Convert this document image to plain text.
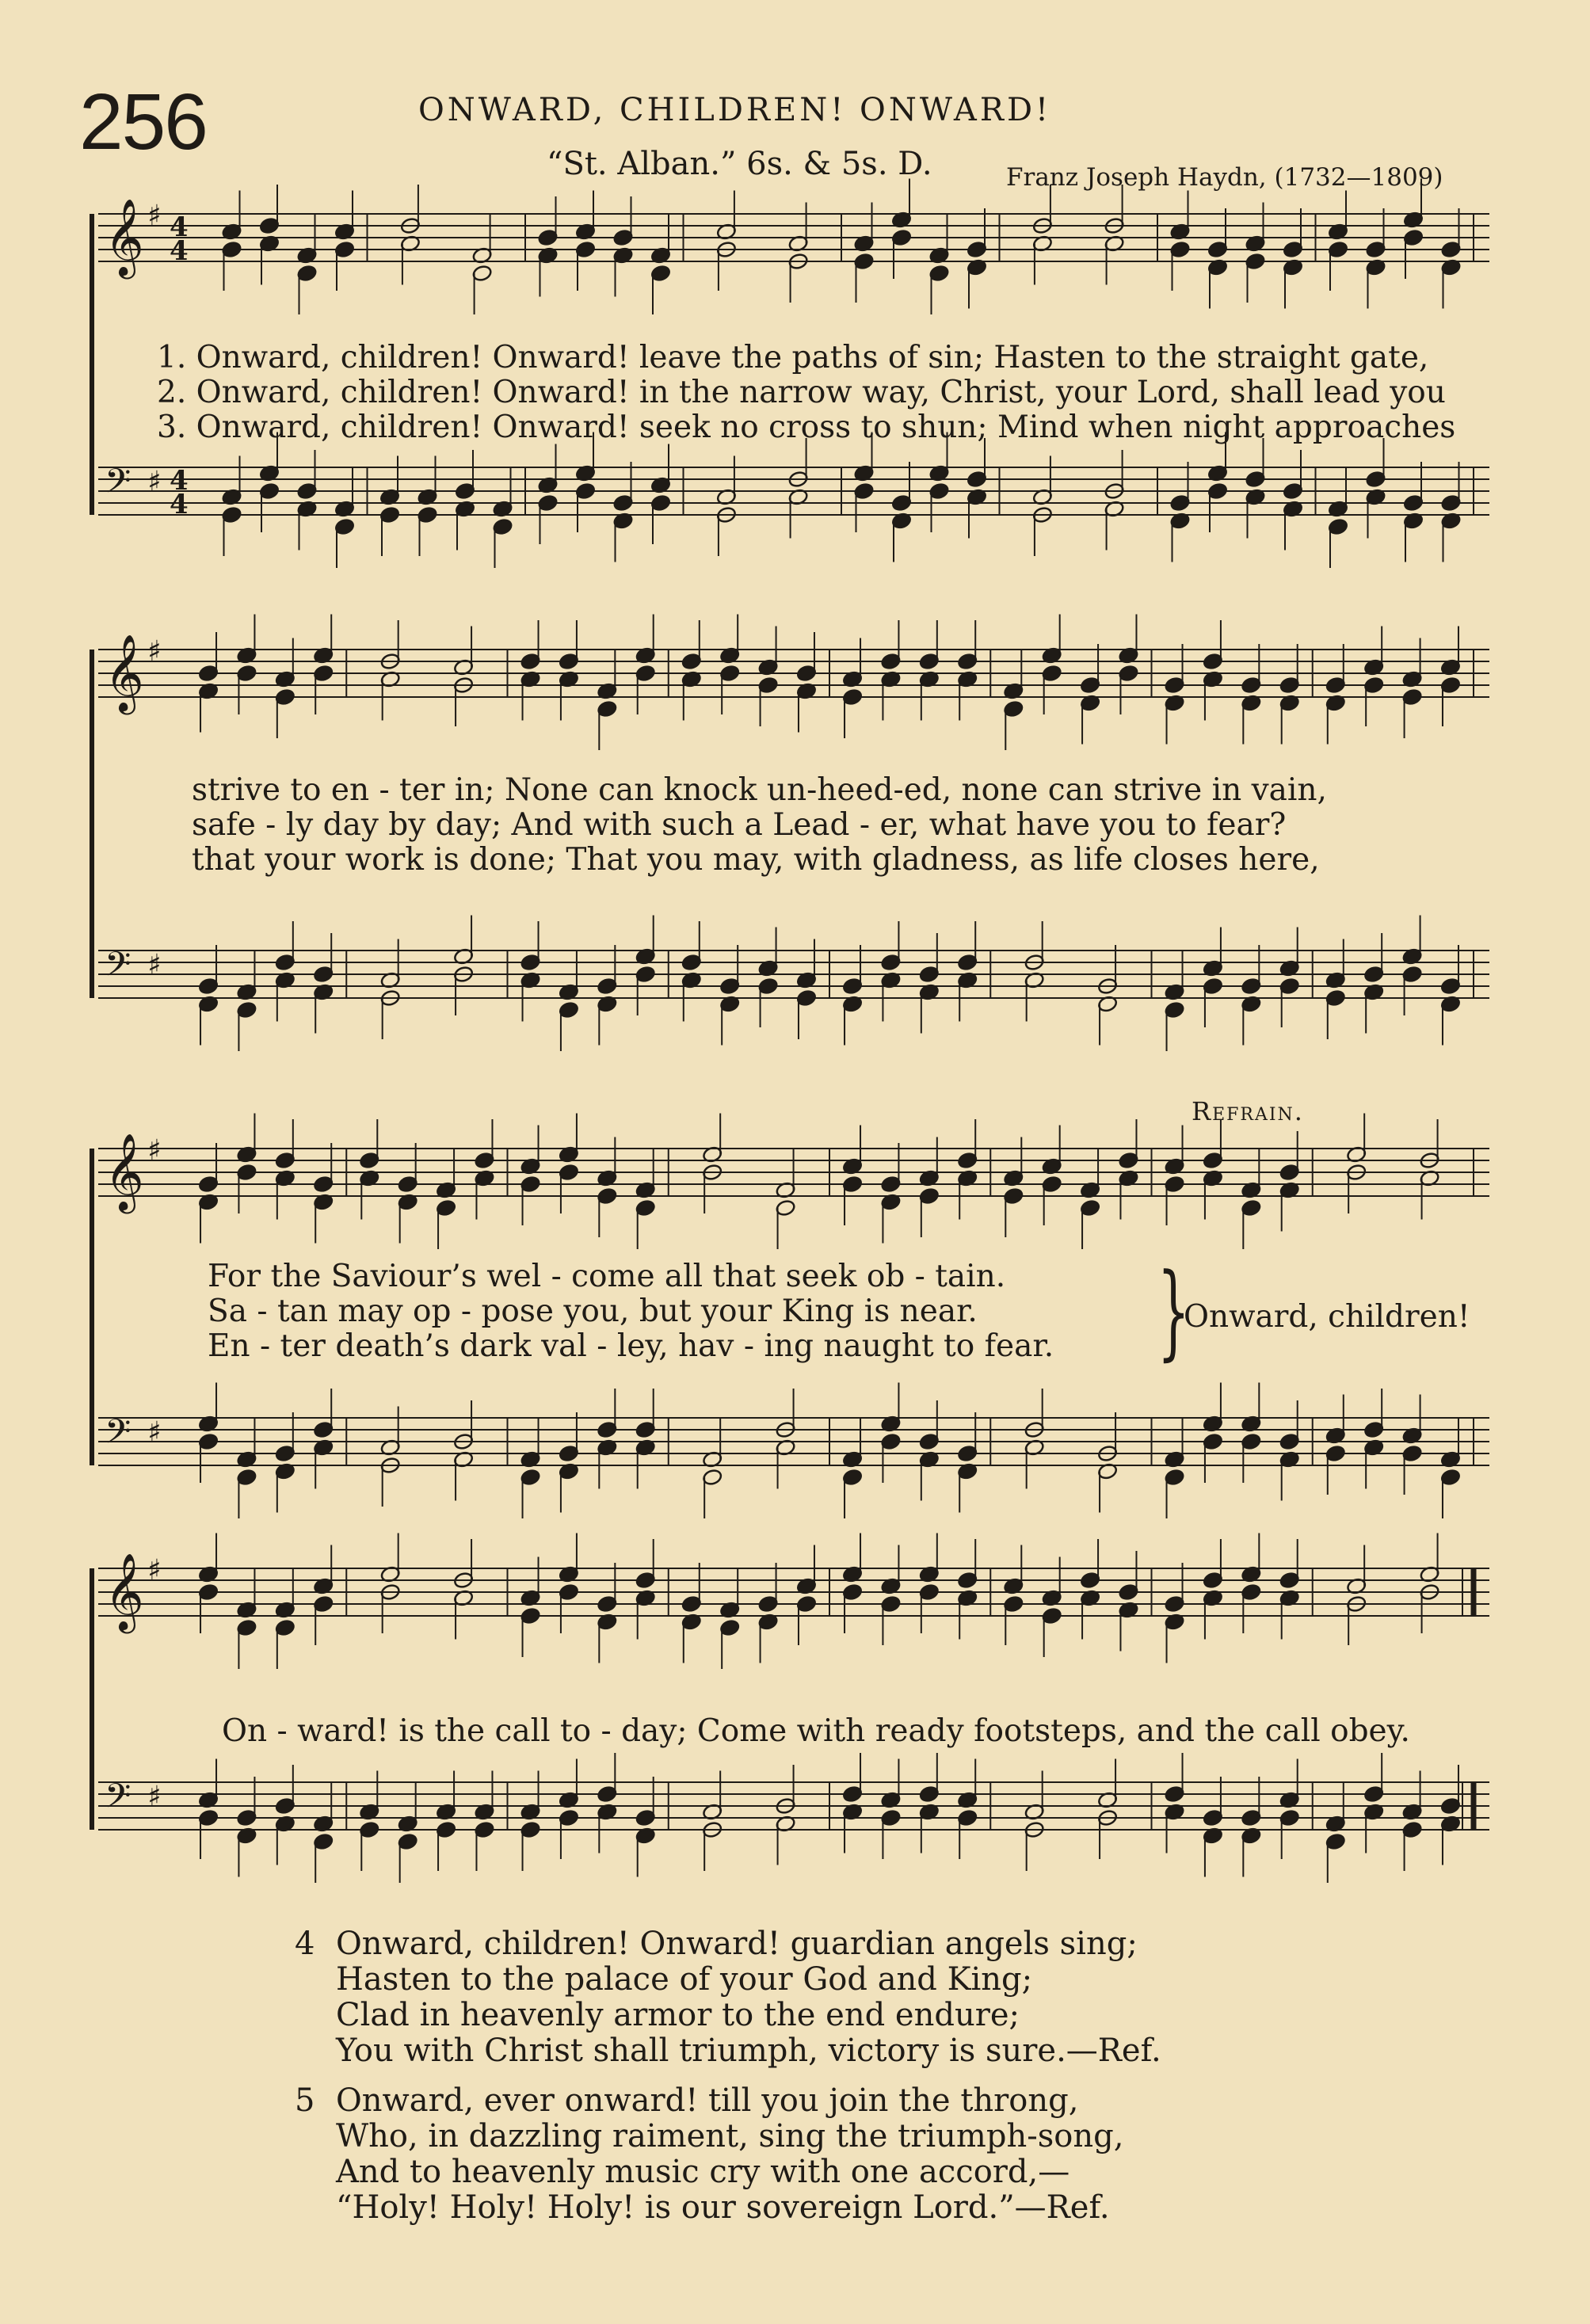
256	ONWARD, CHILDREN! ONWARD!
“St. Alban.” 6s. & 5s. D.	Franz Joseph Haydn, (1732—1809)
𝄞 ♯ 4
4
𝄢 ♯ 4
4
1. Onward, children! Onward! leave the paths of sin; Hasten to the straight gate,
2. Onward, children! Onward! in the narrow way, Christ, your Lord, shall lead you
3. Onward, children! Onward! seek no cross to shun; Mind when night approaches
𝄞 ♯
𝄢 ♯
strive to en - ter in; None can knock un-heed-ed, none can strive in vain,
safe - ly day by day; And with such a Lead - er, what have you to fear?
that your work is done; That you may, with gladness, as life closes here,
𝄞 ♯
𝄢 ♯
For the Saviour’s wel - come all that seek ob - tain.
Sa - tan may op - pose you, but your King is near.
En - ter death’s dark val - ley, hav - ing naught to fear.
Refrain.
}
Onward, children!
𝄞 ♯
𝄢 ♯
On - ward! is the call to - day; Come with ready footsteps, and the call obey.
4 Onward, children! Onward! guardian angels sing;
Hasten to the palace of your God and King;
Clad in heavenly armor to the end endure;
You with Christ shall triumph, victory is sure.—Ref.
5 Onward, ever onward! till you join the throng,
Who, in dazzling raiment, sing the triumph-song,
And to heavenly music cry with one accord,—
“Holy! Holy! Holy! is our sovereign Lord.”—Ref.
